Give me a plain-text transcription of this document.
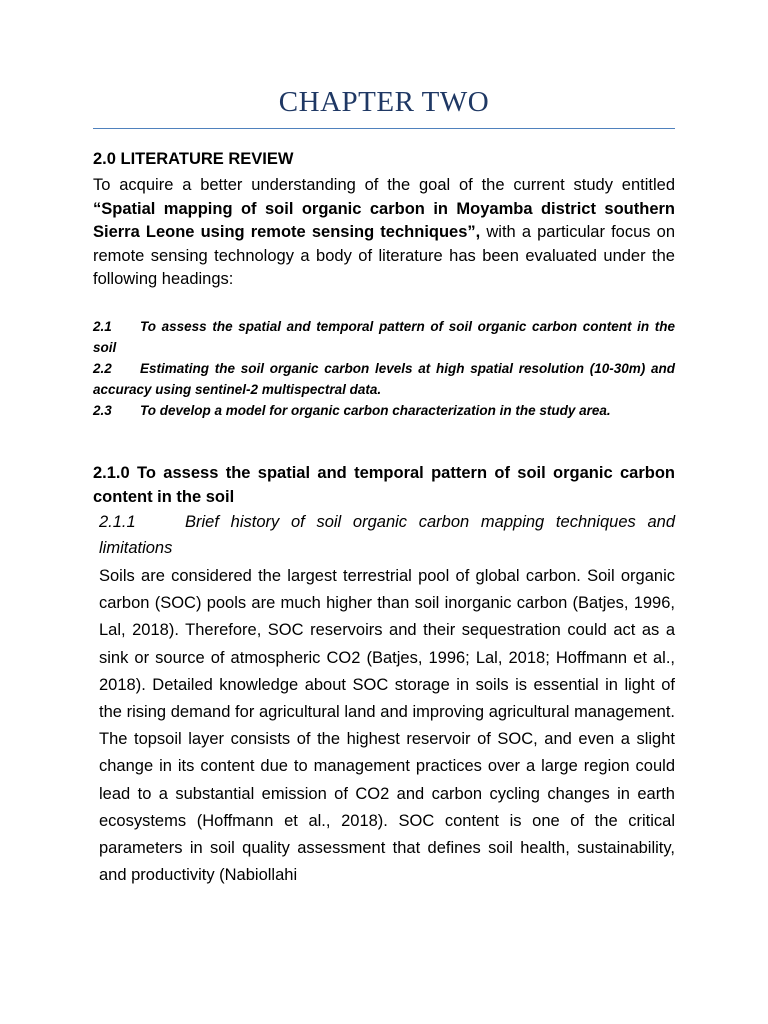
CHAPTER TWO
2.0 LITERATURE REVIEW
To acquire a better understanding of the goal of the current study entitled “Spatial mapping of soil organic carbon in Moyamba district southern Sierra Leone using remote sensing techniques”, with a particular focus on remote sensing technology a body of literature has been evaluated under the following headings:
2.1 To assess the spatial and temporal pattern of soil organic carbon content in the soil
2.2 Estimating the soil organic carbon levels at high spatial resolution (10-30m) and accuracy using sentinel-2 multispectral data.
2.3 To develop a model for organic carbon characterization in the study area.
2.1.0 To assess the spatial and temporal pattern of soil organic carbon content in the soil
2.1.1	Brief history of soil organic carbon mapping techniques and limitations
Soils are considered the largest terrestrial pool of global carbon. Soil organic carbon (SOC) pools are much higher than soil inorganic carbon (Batjes, 1996, Lal, 2018). Therefore, SOC reservoirs and their sequestration could act as a sink or source of atmospheric CO2 (Batjes, 1996; Lal, 2018; Hoffmann et al., 2018). Detailed knowledge about SOC storage in soils is essential in light of the rising demand for agricultural land and improving agricultural management. The topsoil layer consists of the highest reservoir of SOC, and even a slight change in its content due to management practices over a large region could lead to a substantial emission of CO2 and carbon cycling changes in earth ecosystems (Hoffmann et al., 2018). SOC content is one of the critical parameters in soil quality assessment that defines soil health, sustainability, and productivity (Nabiollahi
